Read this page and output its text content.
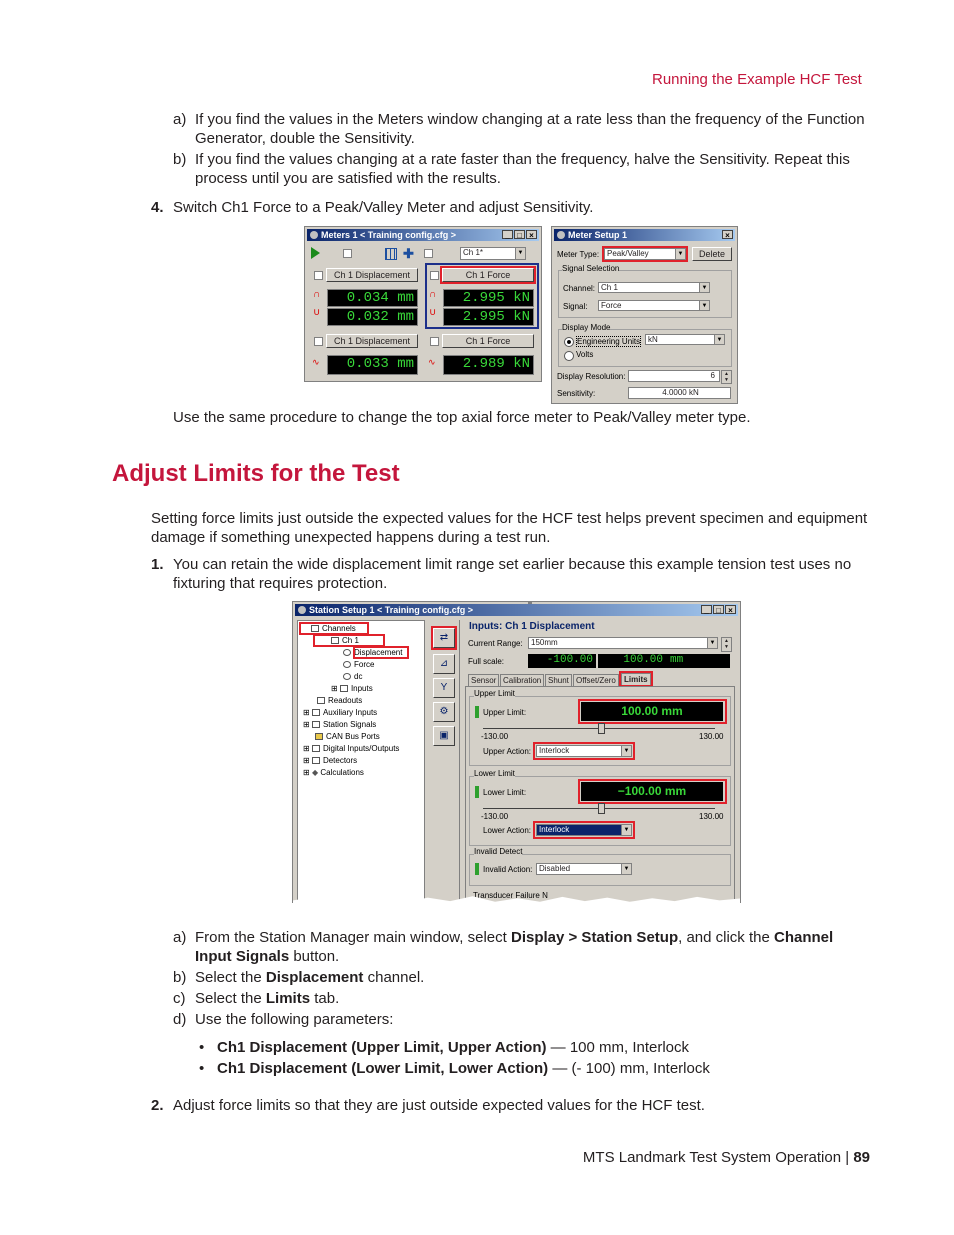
Running the Example HCF Test
a) If you find the values in the Meters window changing at a rate less than the frequency of the Function Generator, double the Sensitivity.
b) If you find the values changing at a rate faster than the frequency, halve the Sensitivity. Repeat this process until you are satisfied with the results.
4. Switch Ch1 Force to a Peak/Valley Meter and adjust Sensitivity.
Meters 1 < Training config.cfg >	_ □ ×
✚	Ch 1*	▼
Ch 1 Displacement
∩
∪
0.034 mm
0.032 mm
Ch 1 Force
∩
∪
2.995 kN
2.995 kN
Ch 1 Displacement
∿	0.033 mm
Ch 1 Force
∿	2.989 kN
Meter Setup 1	×
Meter Type: Peak/Valley	▼	Delete
Signal Selection
Channel: Ch 1	▼
Signal:	Force	▼
Display Mode
Engineering Units kN	▼
Volts
Display Resolution:	6	▲
▼
Sensitivity:	4.0000 kN
Use the same procedure to change the top axial force meter to Peak/Valley meter type.
Adjust Limits for the Test
Setting force limits just outside the expected values for the HCF test helps prevent specimen and equipment damage if something unexpected happens during a test run.
1. You can retain the wide displacement limit range set earlier because this example tension test uses no fixturing that requires protection.
Station Setup 1 < Training config.cfg >	_ □ ×
Channels
Ch 1
Displacement
Force
dc
⊞ Inputs
Readouts
⊞ Auxiliary Inputs
⊞ Station Signals
CAN Bus Ports
⊞ Digital Inputs/Outputs
⊞ Detectors
⊞ ◆ Calculations
⇄
⊿
Y
⚙
▣
Inputs: Ch 1 Displacement
Current Range:	150mm	▼	▲
▼
Full scale:	-100.00	100.00 mm
Sensor Calibration Shunt Offset/Zero	Limits
Upper Limit
Upper Limit:	100.00 mm
-130.00	130.00
Upper Action: Interlock	▼
Lower Limit
Lower Limit:	−100.00 mm
-130.00	130.00
Lower Action: Interlock	▼
Invalid Detect
Invalid Action: Disabled	▼
Transducer Failure N
a) From the Station Manager main window, select Display > Station Setup, and click the Channel Input Signals button.
b) Select the Displacement channel.
c) Select the Limits tab.
d) Use the following parameters:
• Ch1 Displacement (Upper Limit, Upper Action) — 100 mm, Interlock
• Ch1 Displacement (Lower Limit, Lower Action) — (- 100) mm, Interlock
2. Adjust force limits so that they are just outside expected values for the HCF test.
MTS Landmark Test System Operation | 89
